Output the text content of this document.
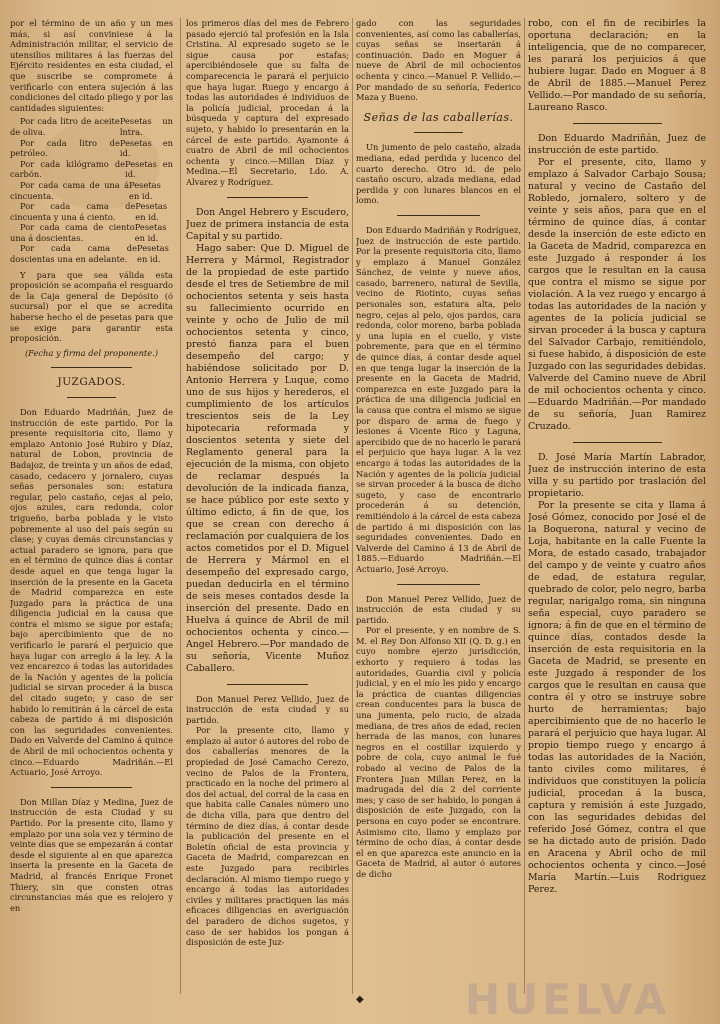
por el término de un año y un mes más, si así conviniese á la Administración militar, el servicio de utensilios militares á las fuerzas del Ejército residentes en esta ciudad, el que suscribe se compromete á verificarlo con entera sujeción á las condiciones del citado pliego y por las cantidades siguientes:

Por cada litro de aceite de oliva.
Pesetas un lntra.

Por cada litro de petróleo.
Pesetas en id.

Por cada kilógramo de carbón.
Pesetas en id.

Por cada cama de una á cincuenta.
Pesetas en id.

Por cada cama de cincuenta y una á ciento.
Pesetas en id.

Por cada cama de ciento una á doscientas.
Pesetas en id.

Por cada cama de doscientas una en adelante.
Pesetas en id.

Y para que sea válida esta proposición se acompaña el resguardo de la Caja general de Depósito (ó sucursal) por el que se acredita haberse hecho el de pesetas para que se exige para garantir esta proposición.

(Fecha y firma del proponente.)

JUZGADOS.

Don Eduardo Madriñán, Juez de instrucción de este partido. Por la presente requisitoria cito, llamo y emplazo Antonio José Rubiro y Díaz, natural de Lobon, provincia de Badajoz, de treinta y un años de edad, casado, cedacero y jornalero, cuyas señas personales son: estatura regular, pelo castaño, cejas al pelo, ojos azules, cara redonda, color trigueño, barba poblada y le visto pobremente al uso del país según su clase; y cuyas demás circunstancias y actual paradero se ignora, para que en el término de quince días á contar desde aquel en que tenga lugar la inserción de la presente en la Gaceta de Madrid comparezca en este Juzgado para la práctica de una diligencia judicial en la causa que contra el mismo se sigue por estafa; bajo apercibimiento que de no verificarlo le parará el perjuicio que haya lugar con arreglo á la ley. A la vez encarezco á todas las autoridades de la Nación y agentes de la policía judicial se sirvan proceder á la busca del citado sugeto; y caso de ser habido lo remitirán á la cárcel de esta cabeza de partido á mi disposición con las seguridades convenientes. Dado en Valverde del Camino á quince de Abril de mil ochocientos ochenta y cinco.—Eduardo Madriñán.—El Actuario, José Arroyo.

Don Millan Díaz y Medina, Juez de instrucción de esta Ciudad y su Partido. Por la presente cito, llamo y emplazo por una sola vez y término de veinte días que se empezarán á contar desde el siguiente al en que aparezca inserta la presente en la Gaceta de Madrid, al francés Enrique Fronet Thiery, sin que consten otras circunstancias más que es relojero y en

los primeros días del mes de Febrero pasado ejerció tal profesión en la Isla Cristina. Al expresado sugeto se le sigue causa por estafas; apercibiéndosele que su falta de comparecencia le parará el perjuicio que haya lugar. Ruego y encargo á todas las autoridades é individuos de la policía judicial, procedan á la búsqueda y captura del expresado sujeto, y habido lo presentarán en la cárcel de este partido. Ayamonte á cuatro de Abril de mil ochocientos ochenta y cinco.—Millan Díaz y Medina.—El Secretario, Ldo. A. Alvarez y Rodríguez.

Don Angel Hebrero y Escudero, Juez de primera instancia de esta Capital y su partido.

Hago saber: Que D. Miguel de Herrera y Mármol, Registrador de la propiedad de este partido desde el tres de Setiembre de mil ochocientos setenta y seis hasta su fallecimiento ocurrido en veinte y ocho de Julio de mil ochocientos setenta y cinco, prestó fianza para el buen desempeño del cargo; y habiéndose solicitado por D. Antonio Herrera y Luque, como uno de sus hijos y herederos, el cumplimiento de los artículos trescientos seis de la Ley hipotecaria reformada y doscientos setenta y siete del Reglamento general para la ejecución de la misma, con objeto de reclamar después la devolución de la indicada fianza, se hace público por este sexto y último edicto, á fin de que, los que se crean con derecho á reclamación por cualquiera de los actos cometidos por el D. Miguel de Herrera y Mármol en el desempeño del expresado cargo, puedan deducirla en el término de seis meses contados desde la inserción del presente. Dado en Huelva á quince de Abril de mil ochocientos ochenta y cinco.—Angel Hebrero.—Por mandado de su señoría, Vicente Muñoz Caballero.

Don Manuel Perez Vellido, Juez de instrucción de esta ciudad y su partido.

Por la presente cito, llamo y emplazo al autor ó autores del robo de dos caballerías menores de la propiedad de José Camacho Cerezo, vecino de Palos de la Frontera, practicado en la noche del primero al dos del actual, del corral de la casa en que habita calle Canales número uno de dicha villa, para que dentro del término de diez días, á contar desde la publicación del presente en el Boletín oficial de esta provincia y Gaceta de Madrid, comparezcan en este Juzgado para recibirles declaración. Al mismo tiempo ruego y encargo á todas las autoridades civiles y militares practiquen las más eficaces diligencias en averiguación del paradero de dichos sugetos, y caso de ser habidos los pongan á disposición de este Juz-

gado con las seguridades convenientes, así como las caballerías, cuyas señas se insertarán á continuación. Dado en Moguer á nueve de Abril de mil ochocientos ochenta y cinco.—Manuel P. Vellido.—Por mandado de su señoría, Federico Maza y Bueno.

Señas de las caballerías.

Un jumento de pelo castaño, alzada mediana, edad perdida y lucenco del cuarto derecho. Otro id. de pelo castaño oscuro, alzada mediana, edad perdida y con lunares blancos en el lomo.

Don Eduardo Madriñán y Rodríguez, Juez de instrucción de este partido. Por la presente requisitoria cito, llamo y emplazo á Manuel González Sánchez, de veinte y nueve años, casado, barrenero, natural de Sevilla, vecino de Riotinto, cuyas señas personales son, estatura alta, pelo negro, cejas al pelo, ojos pardos, cara redonda, color moreno, barba poblada y una lupia en el cuello, y viste pobremente, para que en el término de quince días, á contar desde aquel en que tenga lugar la inserción de la presente en la Gaceta de Madrid, comparezca en este Juzgado para la práctica de una diligencia judicial en la causa que contra el mismo se sigue por disparo de arma de fuego y lesiones á Vicente Rico y Laguna, apercibido que de no hacerlo le parará el perjuicio que haya lugar. A la vez encargo á todas las autoridades de la Nación y agentes de la policía judicial se sirvan proceder á la busca de dicho sugeto, y caso de encontrarlo procederán á su detención, remitiéndolo á la cárcel de esta cabeza de partido á mi disposición con las seguridades convenientes. Dado en Valverde del Camino á 13 de Abril de 1885.—Eduardo Madriñán.—El Actuario, José Arroyo.

Don Manuel Perez Vellido, Juez de instrucción de esta ciudad y su partido.

Por el presente, y en nombre de S. M. el Rey Don Alfonso XII (Q. D. g.) en cuyo nombre ejerzo jurisdicción, exhorto y requiero á todas las autoridades, Guardia civil y policía judicial, y en el mío les pido y encargo la práctica de cuantas diligencias crean conducentes para la busca de una jumenta, pelo rucio, de alzada mediana, de tres años de edad, recien herrada de las manos, con lunares negros en el costillar izquierdo y pobre de cola, cuyo animal le fué robado al vecino de Palos de la Frontera Juan Millan Perez, en la madrugada del día 2 del corriente mes; y caso de ser habido, lo pongan á disposición de este Juzgado, con la persona en cuyo poder se encontrare. Asimismo cito, llamo y emplazo por término de ocho días, á contar desde el en que aparezca este anuncio en la Gaceta de Madrid, al autor ó autores de dicho

robo, con el fin de recibirles la oportuna declaración; en la inteligencia, que de no comparecer, les parará los perjuicios á que hubiere lugar. Dado en Moguer á 8 de Abril de 1885.—Manuel Perez Vellido.—Por mandado de su señoría, Laureano Rasco.

Don Eduardo Madriñán, Juez de instrucción de este partido.

Por el presente, cito, llamo y emplazo á Salvador Carbajo Sousa; natural y vecino de Castaño del Robledo, jornalero, soltero y de veinte y seis años, para que en el término de quince días, á contar desde la inserción de este edicto en la Gaceta de Madrid, comparezca en este Juzgado á responder á los cargos que le resultan en la causa que contra el mismo se sigue por violación. A la vez ruego y encargo á todas las autoridades de la nación y agentes de la policía judicial se sirvan proceder á la busca y captura del Salvador Carbajo, remitiéndolo, si fuese habido, á disposición de este Juzgado con las seguridades debidas. Valverde del Camino nueve de Abril de mil ochocientos ochenta y cinco.—Eduardo Madriñán.—Por mandado de su señoría, Juan Ramirez Cruzado.

D. José María Martín Labrador, Juez de instrucción interino de esta villa y su partido por traslación del propietario.

Por la presente se cita y llama á José Gómez, conocido por José el de la Boquerona, natural y vecino de Loja, habitante en la calle Fuente la Mora, de estado casado, trabajador del campo y de veinte y cuatro años de edad, de estatura regular, quebrado de color, pelo negro, barba regular, narigalgo roma, sin ninguna seña especial, cuyo paradero se ignora; á fin de que en el término de quince días, contados desde la inserción de esta requisitoria en la Gaceta de Madrid, se presente en este Juzgado á responder de los cargos que le resultan en causa que contra él y otro se instruye sobre hurto de herramientas; bajo apercibimiento que de no hacerlo le parará el perjuicio que haya lugar. Al propio tiempo ruego y encargo á todas las autoridades de la Nación, tanto civiles como militares, é individuos que constituyen la policía judicial, procedan á la busca, captura y remisión á este Juzgado, con las seguridades debidas del referido José Gómez, contra el que se ha dictado auto de prisión. Dado en Aracena y Abril ocho de mil ochocientos ochenta y cinco.—José María Martín.—Luis Rodriguez Perez.

◆ HUELVA
